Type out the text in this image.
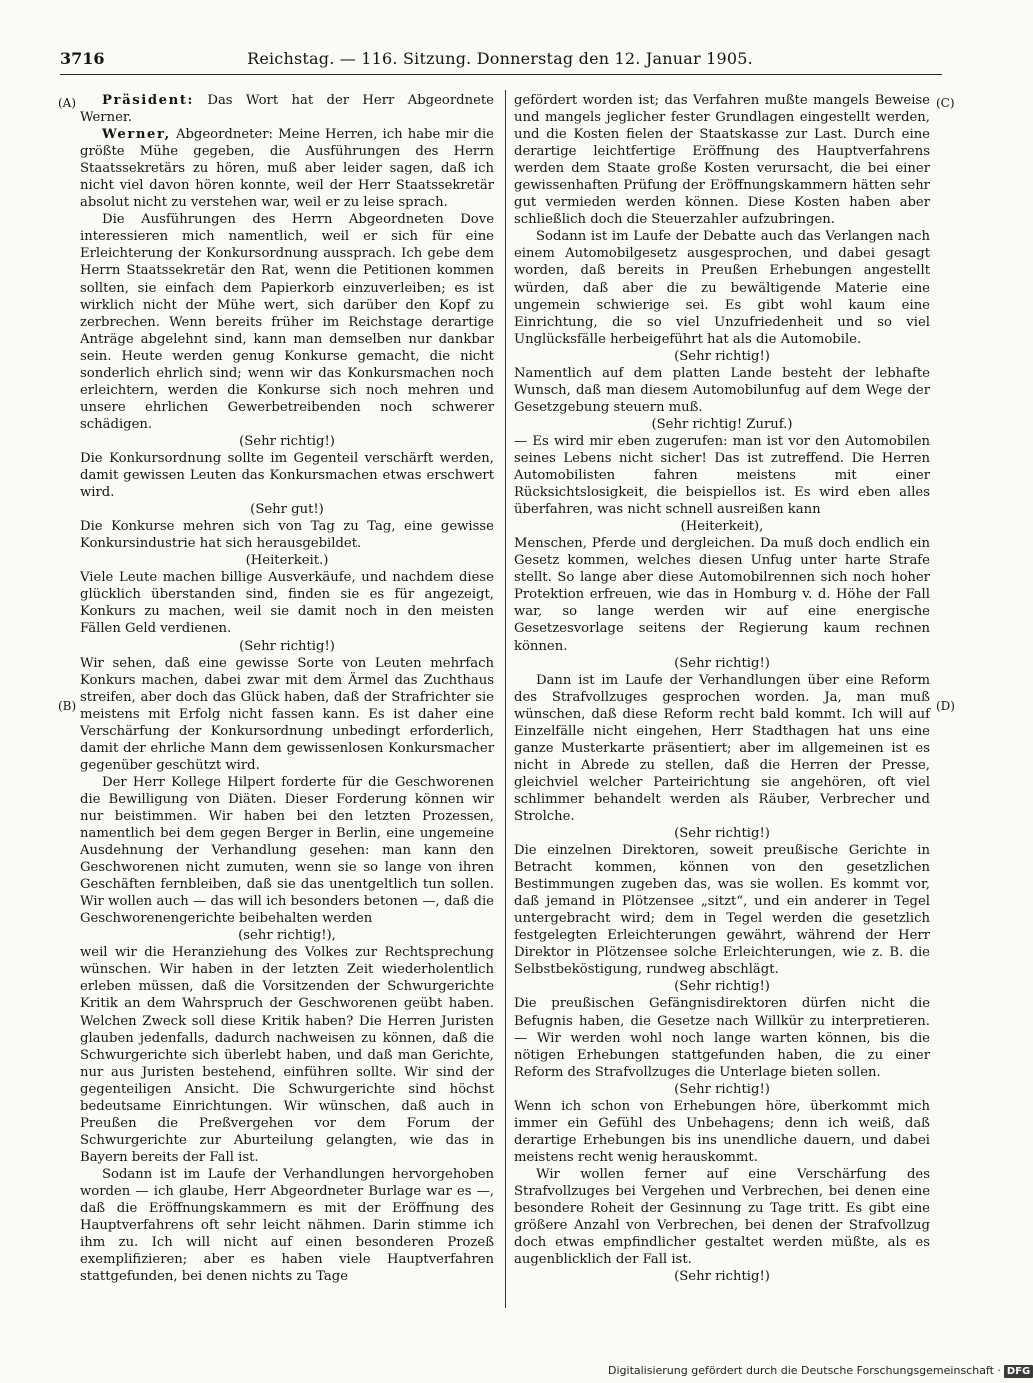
3716	Reichstag. — 116. Sitzung. Donnerstag den 12. Januar 1905.
(A)
(B)
(C)
(D)

Präsident: Das Wort hat der Herr Abgeordnete Werner.

Werner, Abgeordneter: Meine Herren, ich habe mir die größte Mühe gegeben, die Ausführungen des Herrn Staatssekretärs zu hören, muß aber leider sagen, daß ich nicht viel davon hören konnte, weil der Herr Staatssekretär absolut nicht zu verstehen war, weil er zu leise sprach.

Die Ausführungen des Herrn Abgeordneten Dove interessieren mich namentlich, weil er sich für eine Erleichterung der Konkursordnung aussprach. Ich gebe dem Herrn Staatssekretär den Rat, wenn die Petitionen kommen sollten, sie einfach dem Papierkorb einzuverleiben; es ist wirklich nicht der Mühe wert, sich darüber den Kopf zu zerbrechen. Wenn bereits früher im Reichstage derartige Anträge abgelehnt sind, kann man demselben nur dankbar sein. Heute werden genug Konkurse gemacht, die nicht sonderlich ehrlich sind; wenn wir das Konkursmachen noch erleichtern, werden die Konkurse sich noch mehren und unsere ehrlichen Gewerbetreibenden noch schwerer schädigen.

(Sehr richtig!)

Die Konkursordnung sollte im Gegenteil verschärft werden, damit gewissen Leuten das Konkursmachen etwas erschwert wird.

(Sehr gut!)

Die Konkurse mehren sich von Tag zu Tag, eine gewisse Konkursindustrie hat sich herausgebildet.

(Heiterkeit.)

Viele Leute machen billige Ausverkäufe, und nachdem diese glücklich überstanden sind, finden sie es für angezeigt, Konkurs zu machen, weil sie damit noch in den meisten Fällen Geld verdienen.

(Sehr richtig!)

Wir sehen, daß eine gewisse Sorte von Leuten mehrfach Konkurs machen, dabei zwar mit dem Ärmel das Zuchthaus streifen, aber doch das Glück haben, daß der Strafrichter sie meistens mit Erfolg nicht fassen kann. Es ist daher eine Verschärfung der Konkursordnung unbedingt erforderlich, damit der ehrliche Mann dem gewissenlosen Konkursmacher gegenüber geschützt wird.

Der Herr Kollege Hilpert forderte für die Geschworenen die Bewilligung von Diäten. Dieser Forderung können wir nur beistimmen. Wir haben bei den letzten Prozessen, namentlich bei dem gegen Berger in Berlin, eine ungemeine Ausdehnung der Verhandlung gesehen: man kann den Geschworenen nicht zumuten, wenn sie so lange von ihren Geschäften fernbleiben, daß sie das unentgeltlich tun sollen. Wir wollen auch — das will ich besonders betonen —, daß die Geschworenengerichte beibehalten werden

(sehr richtig!),

weil wir die Heranziehung des Volkes zur Rechtsprechung wünschen. Wir haben in der letzten Zeit wiederholentlich erleben müssen, daß die Vorsitzenden der Schwurgerichte Kritik an dem Wahrspruch der Geschworenen geübt haben. Welchen Zweck soll diese Kritik haben? Die Herren Juristen glauben jedenfalls, dadurch nachweisen zu können, daß die Schwurgerichte sich überlebt haben, und daß man Gerichte, nur aus Juristen bestehend, einführen sollte. Wir sind der gegenteiligen Ansicht. Die Schwurgerichte sind höchst bedeutsame Einrichtungen. Wir wünschen, daß auch in Preußen die Preßvergehen vor dem Forum der Schwurgerichte zur Aburteilung gelangten, wie das in Bayern bereits der Fall ist.

Sodann ist im Laufe der Verhandlungen hervorgehoben worden — ich glaube, Herr Abgeordneter Burlage war es —, daß die Eröffnungskammern es mit der Eröffnung des Hauptverfahrens oft sehr leicht nähmen. Darin stimme ich ihm zu. Ich will nicht auf einen besonderen Prozeß exemplifizieren; aber es haben viele Hauptverfahren stattgefunden, bei denen nichts zu Tage

gefördert worden ist; das Verfahren mußte mangels Beweise und mangels jeglicher fester Grundlagen eingestellt werden, und die Kosten fielen der Staatskasse zur Last. Durch eine derartige leichtfertige Eröffnung des Hauptverfahrens werden dem Staate große Kosten verursacht, die bei einer gewissenhaften Prüfung der Eröffnungskammern hätten sehr gut vermieden werden können. Diese Kosten haben aber schließlich doch die Steuerzahler aufzubringen.

Sodann ist im Laufe der Debatte auch das Verlangen nach einem Automobilgesetz ausgesprochen, und dabei gesagt worden, daß bereits in Preußen Erhebungen angestellt würden, daß aber die zu bewältigende Materie eine ungemein schwierige sei. Es gibt wohl kaum eine Einrichtung, die so viel Unzufriedenheit und so viel Unglücksfälle herbeigeführt hat als die Automobile.

(Sehr richtig!)

Namentlich auf dem platten Lande besteht der lebhafte Wunsch, daß man diesem Automobilunfug auf dem Wege der Gesetzgebung steuern muß.

(Sehr richtig! Zuruf.)

— Es wird mir eben zugerufen: man ist vor den Automobilen seines Lebens nicht sicher! Das ist zutreffend. Die Herren Automobilisten fahren meistens mit einer Rücksichtslosigkeit, die beispiellos ist. Es wird eben alles überfahren, was nicht schnell ausreißen kann

(Heiterkeit),

Menschen, Pferde und dergleichen. Da muß doch endlich ein Gesetz kommen, welches diesen Unfug unter harte Strafe stellt. So lange aber diese Automobilrennen sich noch hoher Protektion erfreuen, wie das in Homburg v. d. Höhe der Fall war, so lange werden wir auf eine energische Gesetzesvorlage seitens der Regierung kaum rechnen können.

(Sehr richtig!)

Dann ist im Laufe der Verhandlungen über eine Reform des Strafvollzuges gesprochen worden. Ja, man muß wünschen, daß diese Reform recht bald kommt. Ich will auf Einzelfälle nicht eingehen, Herr Stadthagen hat uns eine ganze Musterkarte präsentiert; aber im allgemeinen ist es nicht in Abrede zu stellen, daß die Herren der Presse, gleichviel welcher Parteirichtung sie angehören, oft viel schlimmer behandelt werden als Räuber, Verbrecher und Strolche.

(Sehr richtig!)

Die einzelnen Direktoren, soweit preußische Gerichte in Betracht kommen, können von den gesetzlichen Bestimmungen zugeben das, was sie wollen. Es kommt vor, daß jemand in Plötzensee „sitzt“, und ein anderer in Tegel untergebracht wird; dem in Tegel werden die gesetzlich festgelegten Erleichterungen gewährt, während der Herr Direktor in Plötzensee solche Erleichterungen, wie z. B. die Selbstbeköstigung, rundweg abschlägt.

(Sehr richtig!)

Die preußischen Gefängnisdirektoren dürfen nicht die Befugnis haben, die Gesetze nach Willkür zu interpretieren. — Wir werden wohl noch lange warten können, bis die nötigen Erhebungen stattgefunden haben, die zu einer Reform des Strafvollzuges die Unterlage bieten sollen.

(Sehr richtig!)

Wenn ich schon von Erhebungen höre, überkommt mich immer ein Gefühl des Unbehagens; denn ich weiß, daß derartige Erhebungen bis ins unendliche dauern, und dabei meistens recht wenig herauskommt.

Wir wollen ferner auf eine Verschärfung des Strafvollzuges bei Vergehen und Verbrechen, bei denen eine besondere Roheit der Gesinnung zu Tage tritt. Es gibt eine größere Anzahl von Verbrechen, bei denen der Strafvollzug doch etwas empfindlicher gestaltet werden müßte, als es augenblicklich der Fall ist.

(Sehr richtig!)

Digitalisierung gefördert durch die Deutsche Forschungsgemeinschaft · DFG
